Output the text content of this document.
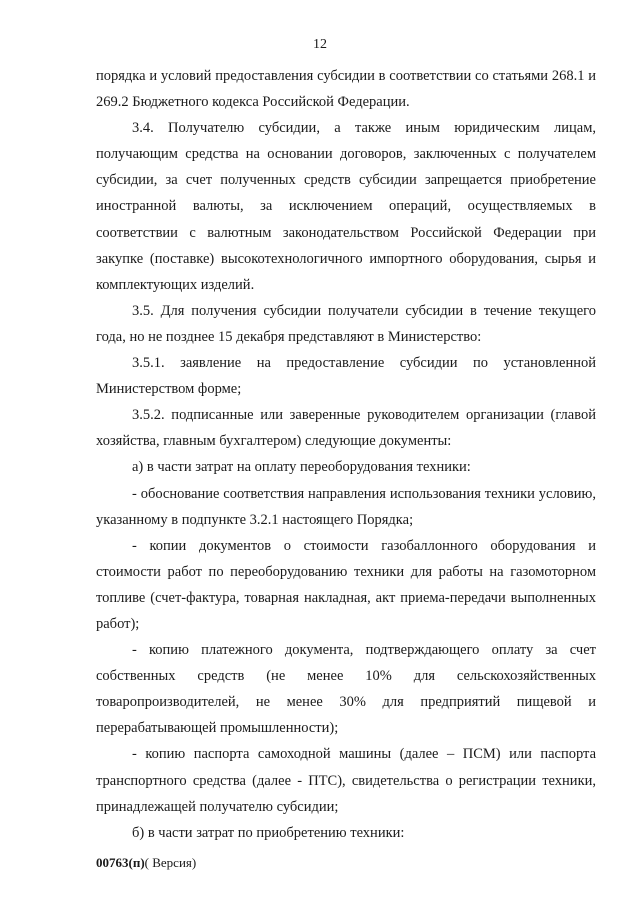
12

порядка и условий предоставления субсидии в соответствии со статьями 268.1 и 269.2 Бюджетного кодекса Российской Федерации.

3.4. Получателю субсидии, а также иным юридическим лицам, получающим средства на основании договоров, заключенных с получателем субсидии, за счет полученных средств субсидии запрещается приобретение иностранной валюты, за исключением операций, осуществляемых в соответствии с валютным законодательством Российской Федерации при закупке (поставке) высокотехнологичного импортного оборудования, сырья и комплектующих изделий.

3.5. Для получения субсидии получатели субсидии в течение текущего года, но не позднее 15 декабря представляют в Министерство:

3.5.1. заявление на предоставление субсидии по установленной Министерством форме;

3.5.2. подписанные или заверенные руководителем организации (главой хозяйства, главным бухгалтером) следующие документы:

а) в части затрат на оплату переоборудования техники:

- обоснование соответствия направления использования техники условию, указанному в подпункте 3.2.1 настоящего Порядка;

- копии документов о стоимости газобаллонного оборудования и стоимости работ по переоборудованию техники для работы на газомоторном топливе (счет-фактура, товарная накладная, акт приема-передачи выполненных работ);

- копию платежного документа, подтверждающего оплату за счет собственных средств (не менее 10% для сельскохозяйственных товаропроизводителей, не менее 30% для предприятий пищевой и перерабатывающей промышленности);

- копию паспорта самоходной машины (далее – ПСМ) или паспорта транспортного средства (далее - ПТС), свидетельства о регистрации техники, принадлежащей получателю субсидии;

б) в части затрат по приобретению техники:

00763(п)( Версия)
